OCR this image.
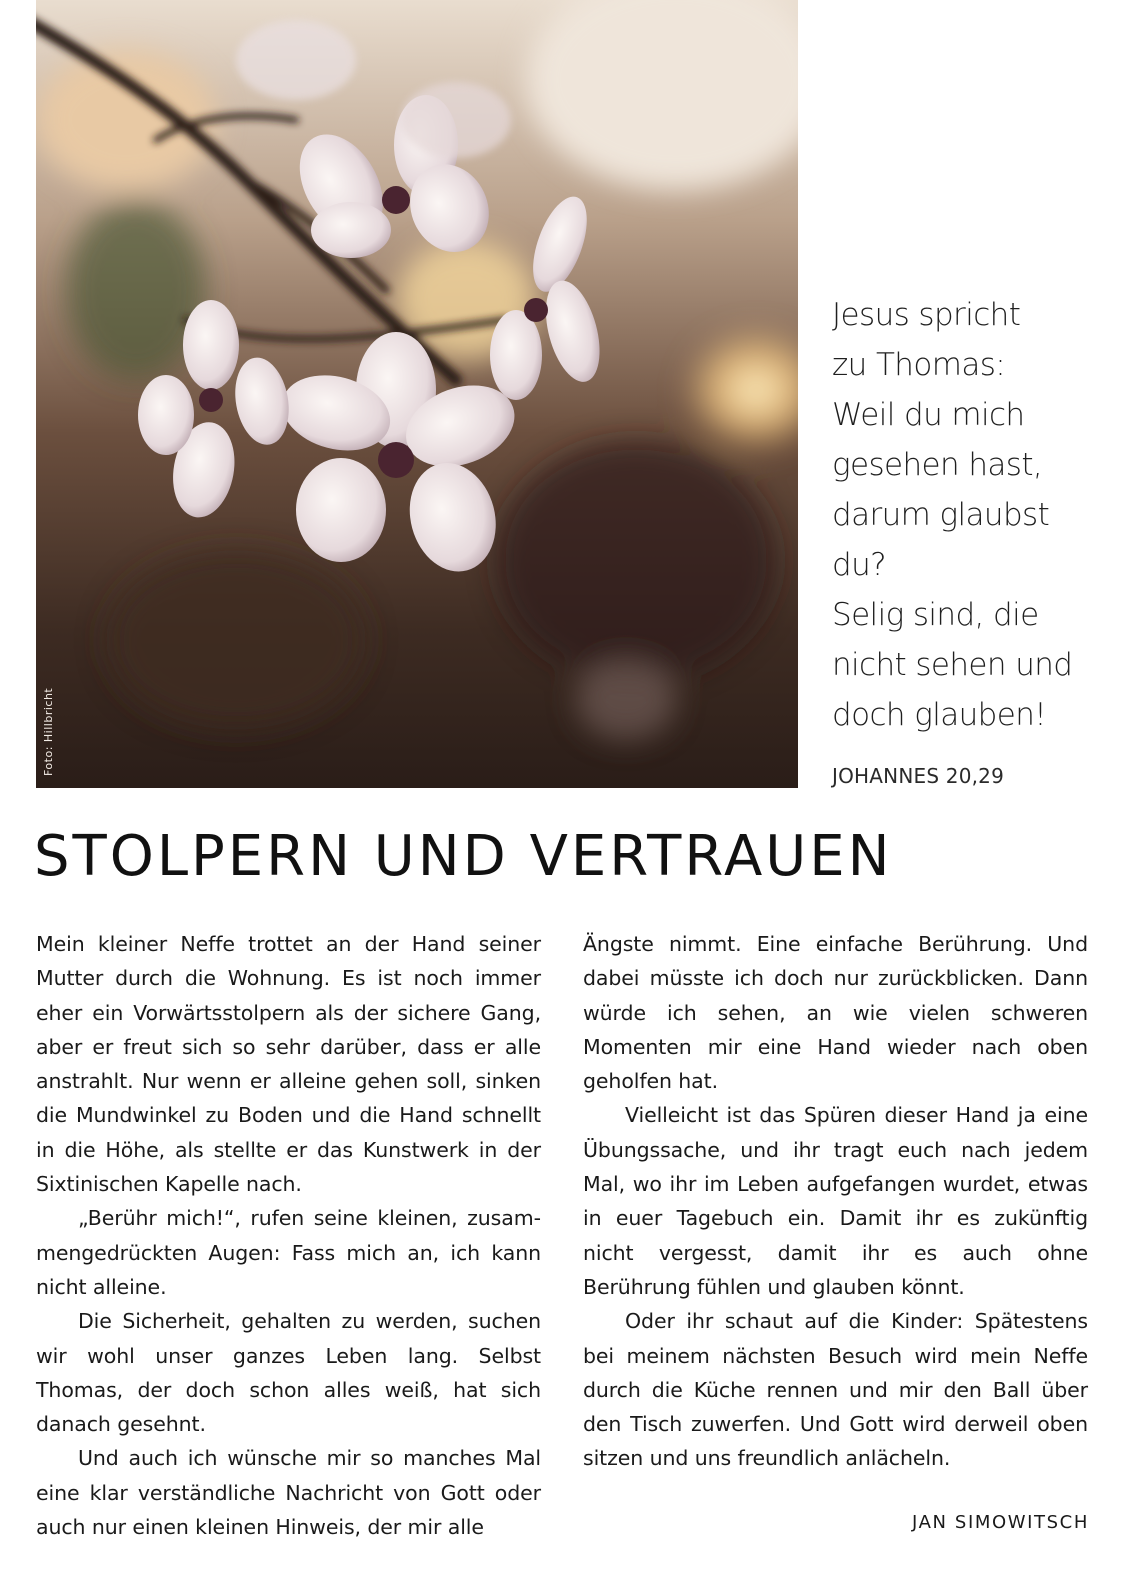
Foto: Hillbricht
Jesus spricht
zu Thomas:
Weil du mich
gesehen hast,
darum glaubst
du?
Selig sind, die
nicht sehen und
doch glauben!
JOHANNES 20,29
STOLPERN UND VERTRAUEN

Mein kleiner Neffe trottet an der Hand seiner Mutter durch die Wohnung. Es ist noch immer eher ein Vorwärtsstolpern als der sichere Gang, aber er freut sich so sehr darüber, dass er alle anstrahlt. Nur wenn er alleine gehen soll, sinken die Mundwinkel zu Boden und die Hand schnellt in die Höhe, als stellte er das Kunstwerk in der Sixtinischen Kapelle nach.

„Berühr mich!“, rufen seine kleinen, zusammengedrückten Augen: Fass mich an, ich kann nicht alleine.

Die Sicherheit, gehalten zu werden, suchen wir wohl unser ganzes Leben lang. Selbst Thomas, der doch schon alles weiß, hat sich danach gesehnt.

Und auch ich wünsche mir so manches Mal eine klar verständliche Nachricht von Gott oder auch nur einen kleinen Hinweis, der mir alle

Ängste nimmt. Eine einfache Berührung. Und dabei müsste ich doch nur zurückblicken. Dann würde ich sehen, an wie vielen schweren Momenten mir eine Hand wieder nach oben geholfen hat.

Vielleicht ist das Spüren dieser Hand ja eine Übungssache, und ihr tragt euch nach jedem Mal, wo ihr im Leben aufgefangen wurdet, etwas in euer Tagebuch ein. Damit ihr es zukünftig nicht vergesst, damit ihr es auch ohne Berührung fühlen und glauben könnt.

Oder ihr schaut auf die Kinder: Spätestens bei meinem nächsten Besuch wird mein Neffe durch die Küche rennen und mir den Ball über den Tisch zuwerfen. Und Gott wird derweil oben sitzen und uns freundlich anlächeln.

JAN SIMOWITSCH
